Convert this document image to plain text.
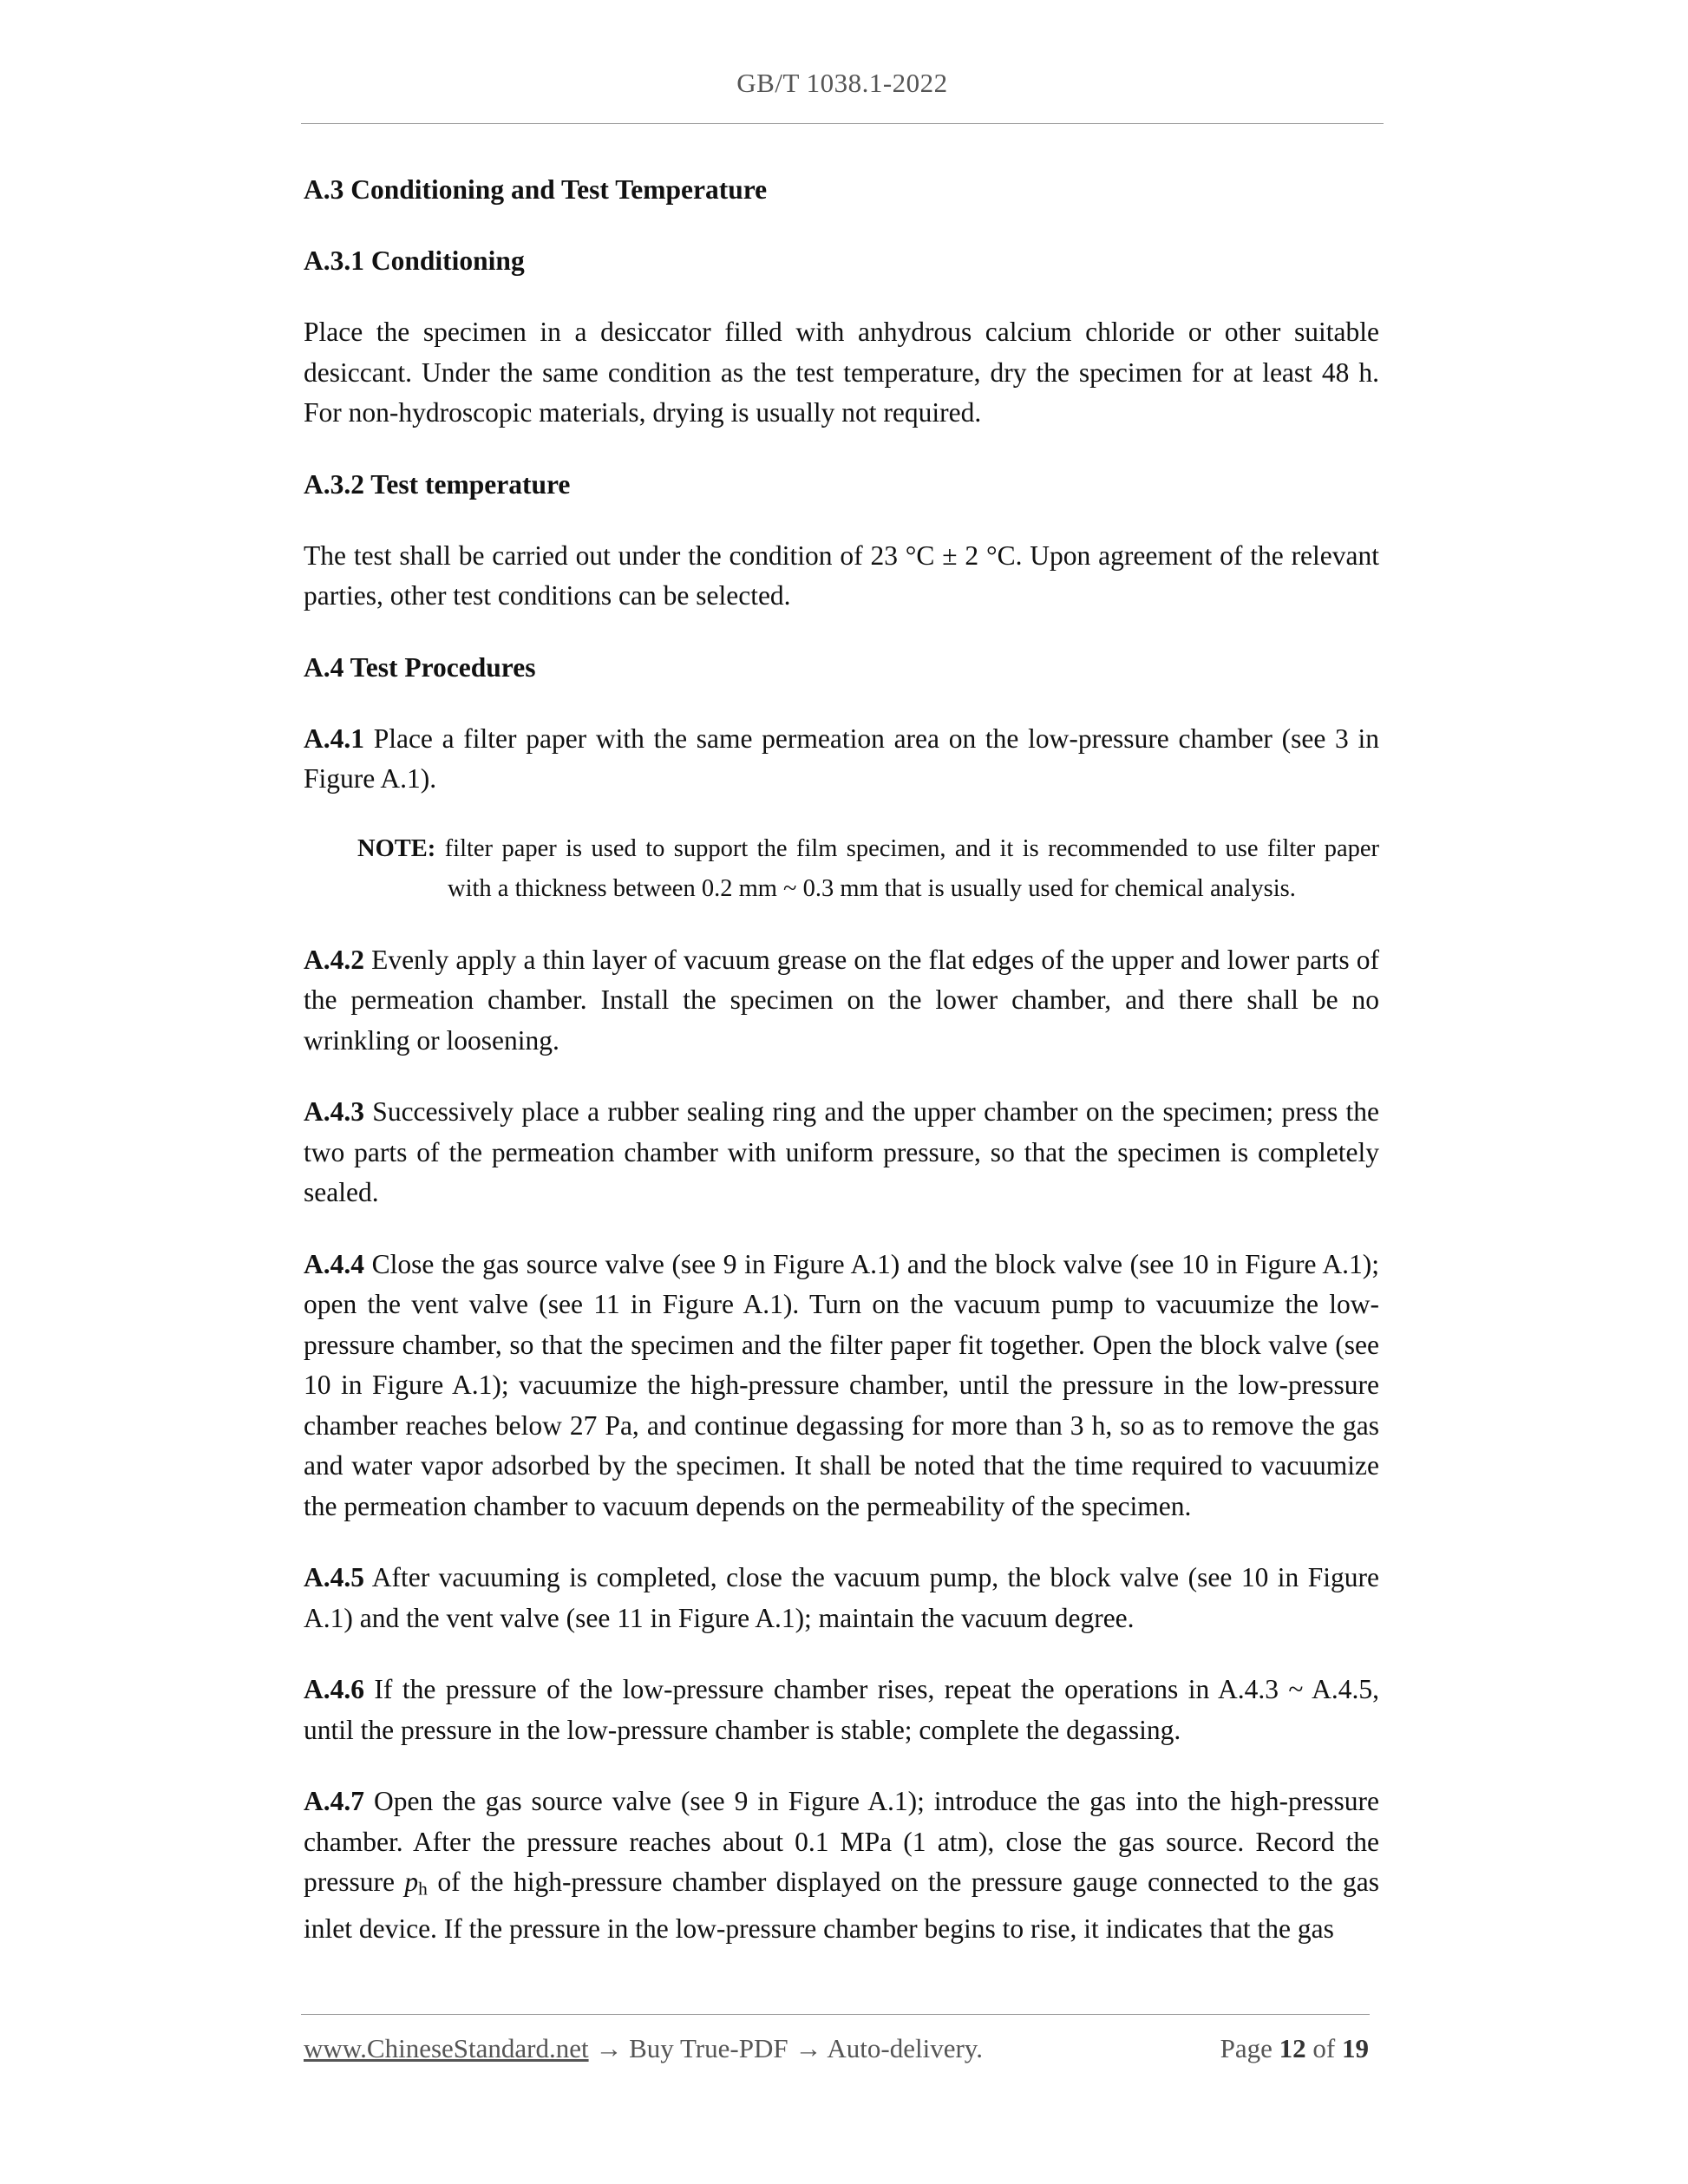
GB/T 1038.1-2022
A.3 Conditioning and Test Temperature
A.3.1 Conditioning
Place the specimen in a desiccator filled with anhydrous calcium chloride or other suitable desiccant. Under the same condition as the test temperature, dry the specimen for at least 48 h. For non-hydroscopic materials, drying is usually not required.
A.3.2 Test temperature
The test shall be carried out under the condition of 23 °C ± 2 °C. Upon agreement of the relevant parties, other test conditions can be selected.
A.4 Test Procedures
A.4.1 Place a filter paper with the same permeation area on the low-pressure chamber (see 3 in Figure A.1).
NOTE: filter paper is used to support the film specimen, and it is recommended to use filter paper with a thickness between 0.2 mm ~ 0.3 mm that is usually used for chemical analysis.
A.4.2 Evenly apply a thin layer of vacuum grease on the flat edges of the upper and lower parts of the permeation chamber. Install the specimen on the lower chamber, and there shall be no wrinkling or loosening.
A.4.3 Successively place a rubber sealing ring and the upper chamber on the specimen; press the two parts of the permeation chamber with uniform pressure, so that the specimen is completely sealed.
A.4.4 Close the gas source valve (see 9 in Figure A.1) and the block valve (see 10 in Figure A.1); open the vent valve (see 11 in Figure A.1). Turn on the vacuum pump to vacuumize the low-pressure chamber, so that the specimen and the filter paper fit together. Open the block valve (see 10 in Figure A.1); vacuumize the high-pressure chamber, until the pressure in the low-pressure chamber reaches below 27 Pa, and continue degassing for more than 3 h, so as to remove the gas and water vapor adsorbed by the specimen. It shall be noted that the time required to vacuumize the permeation chamber to vacuum depends on the permeability of the specimen.
A.4.5 After vacuuming is completed, close the vacuum pump, the block valve (see 10 in Figure A.1) and the vent valve (see 11 in Figure A.1); maintain the vacuum degree.
A.4.6 If the pressure of the low-pressure chamber rises, repeat the operations in A.4.3 ~ A.4.5, until the pressure in the low-pressure chamber is stable; complete the degassing.
A.4.7 Open the gas source valve (see 9 in Figure A.1); introduce the gas into the high-pressure chamber. After the pressure reaches about 0.1 MPa (1 atm), close the gas source. Record the pressure $p_h$ of the high-pressure chamber displayed on the pressure gauge connected to the gas inlet device. If the pressure in the low-pressure chamber begins to rise, it indicates that the gas
www.ChineseStandard.net → Buy True-PDF → Auto-delivery.	Page 12 of 19
